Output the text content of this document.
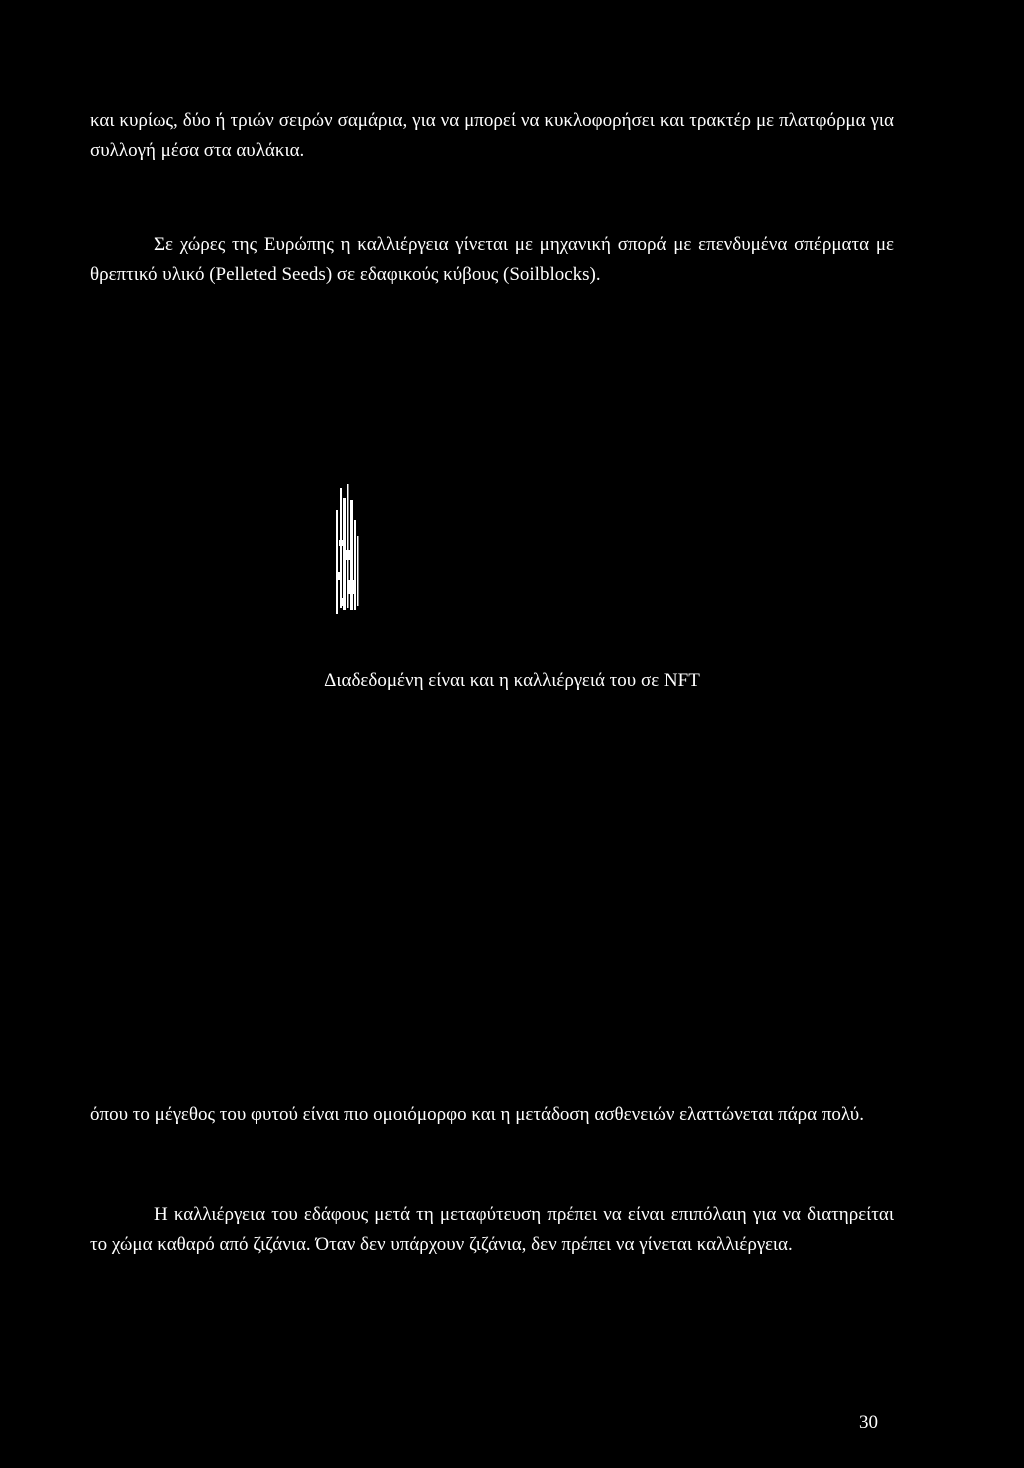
και κυρίως, δύο ή τριών σειρών σαμάρια, για να μπορεί να κυκλοφορήσει και τρακτέρ με πλατφόρμα για συλλογή μέσα στα αυλάκια.

Σε χώρες της Ευρώπης η καλλιέργεια γίνεται με μηχανική σπορά με επενδυμένα σπέρματα με θρεπτικό υλικό (Pelleted Seeds) σε εδαφικούς κύβους (Soilblocks).

Διαδεδομένη είναι και η καλλιέργειά του σε NFT

όπου το μέγεθος του φυτού είναι πιο ομοιόμορφο και η μετάδοση ασθενειών ελαττώνεται πάρα πολύ.

Η καλλιέργεια του εδάφους μετά τη μεταφύτευση πρέπει να είναι επιπόλαιη για να διατηρείται το χώμα καθαρό από ζιζάνια. Όταν δεν υπάρχουν ζιζάνια, δεν πρέπει να γίνεται καλλιέργεια.

30
